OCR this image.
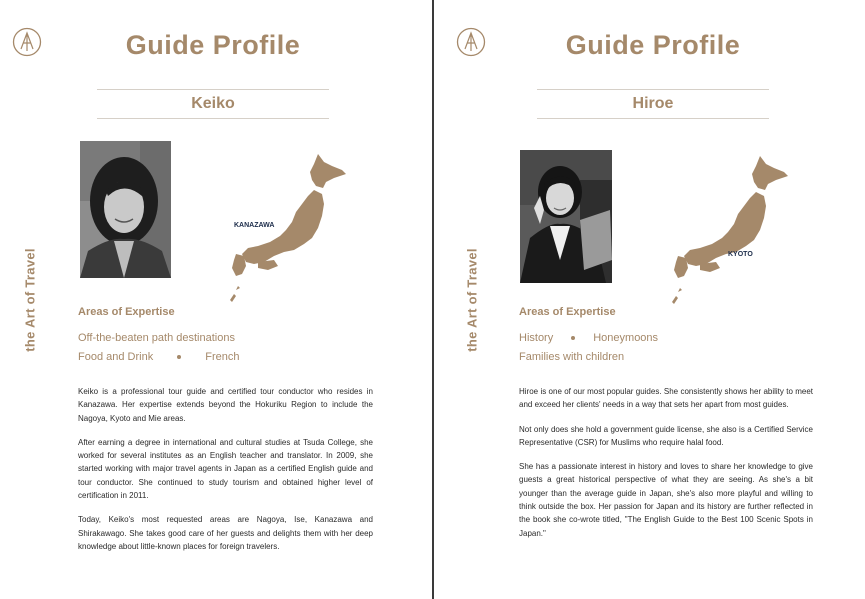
the Art of Travel
Guide Profile
Keiko
KANAZAWA
Areas of Expertise
Off-the-beaten path destinations
Food and Drink	French

Keiko is a professional tour guide and certified tour conductor who resides in Kanazawa. Her expertise extends beyond the Hokuriku Region to include the Nagoya, Kyoto and Mie areas.

After earning a degree in international and cultural studies at Tsuda College, she worked for several institutes as an English teacher and translator. In 2009, she started working with major travel agents in Japan as a certified English guide and tour conductor. She continued to study tourism and obtained higher level of certification in 2011.

Today, Keiko's most requested areas are Nagoya, Ise, Kanazawa and Shirakawago. She takes good care of her guests and delights them with her deep knowledge about little-known places for foreign travelers.

the Art of Travel
Guide Profile
Hiroe
KYOTO
Areas of Expertise
History	Honeymoons
Families with children

Hiroe is one of our most popular guides. She consistently shows her ability to meet and exceed her clients' needs in a way that sets her apart from most guides.

Not only does she hold a government guide license, she also is a Certified Service Representative (CSR) for Muslims who require halal food.

She has a passionate interest in history and loves to share her knowledge to give guests a great historical perspective of what they are seeing. As she's a bit younger than the average guide in Japan, she's also more playful and willing to think outside the box. Her passion for Japan and its history are further reflected in the book she co-wrote titled, "The English Guide to the Best 100 Scenic Spots in Japan."
